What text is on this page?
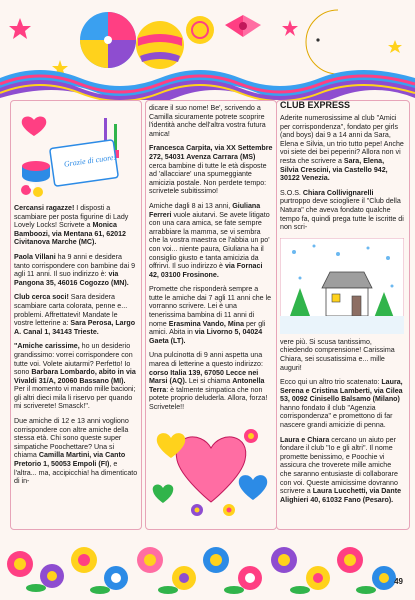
Grazie di cuore!

Cercansi ragazze! I disposti a scambiare per posta figurine di Lady Lovely Locks! Scrivete a Monica Bamboozi, via Mentana 61, 62012 Civitanova Marche (MC).

Paola Villani ha 9 anni e desidera tanto corrispondere con bambine dai 9 agli 11 anni. Il suo indirizzo è: via Pangona 35, 46016 Cogozzo (MN).

Club cerca soci! Sara desidera scambiare carta colorata, penne e... problemi. Affrettatevi! Mandate le vostre letterine a: Sara Perosa, Largo A. Canal 1, 34143 Trieste.

"Amiche carissime, ho un desiderio grandissimo: vorrei corrispondere con tutte voi. Volete aiutarmi? Perfetto! Io sono Barbara Lombardo, abito in via Vivaldi 31/A, 20060 Bassano (MI). Per il momento vi mando mille bacioni; gli altri dieci mila li riservo per quando mi scriverete! Smasck!".

Due amiche di 12 e 13 anni vogliono corrispondere con altre amiche della stessa età. Chi sono queste super simpatiche Poochettare? Una si chiama Camilla Martini, via Canto Pretorio 1, 50053 Empoli (FI), e l'altra... ma, accipicchia! ha dimenticato di in-

dicare il suo nome! Be', scrivendo a Camilla sicuramente potrete scoprire l'identità anche dell'altra vostra futura amica!

Francesca Carpita, via XX Settembre 272, 54031 Avenza Carrara (MS) cerca bambine di tutte le età disposte ad 'allacciare' una spumeggiante amicizia postale. Non perdete tempo: scrivetele subitissimo!

Amiche dagli 8 ai 13 anni, Giuliana Ferreri vuole aiutarvi. Se avete litigato con una cara amica, se fate sempre arrabbiare la mamma, se vi sembra che la vostra maestra ce l'abbia un po' con voi... niente paura, Giuliana ha il consiglio giusto e tanta amicizia da offrirvi. Il suo indirizzo è via Fornaci 42, 03100 Frosinone.

Promette che risponderà sempre a tutte le amiche dai 7 agli 11 anni che le vorranno scrivere. Lei è una tenerissima bambina di 11 anni di nome Erasmina Vando, Mina per gli amici. Abita in via Livorno 5, 04024 Gaeta (LT).

Una pulcinotta di 9 anni aspetta una marea di letterine a questo indirizzo: corso Italia 139, 67050 Lecce nei Marsi (AQ). Lei si chiama Antonella Terra: è talmente simpatica che non potete proprio deluderla. Allora, forza! Scrivetele!!

CLUB EXPRESS

Aderite numerosissime al club "Amici per corrispondenza", fondato per girls (and boys) dai 9 a 14 anni da Sara, Elena e Silvia, un trio tutto pepe! Anche voi siete dei bei peperini? Allora non vi resta che scrivere a Sara, Elena, Silvia Crescini, via Castello 942, 30122 Venezia.

S.O.S. Chiara Collivignarelli purtroppo deve sciogliere il "Club della Natura" che aveva fondato qualche tempo fa, quindi prega tutte le iscritte di non scri-

vere più. Si scusa tantissimo, chiedendo comprensione! Carissima Chiara, sei scusatissima e... mille auguri!

Ecco qui un altro trio scatenato: Laura, Serena e Cristina Lamberti, via Cilea 53, 0092 Cinisello Balsamo (Milano) hanno fondato il club "Agenzia corrispondenza" e promettono di far nascere grandi amicizie di penna.

Laura e Chiara cercano un aiuto per fondare il club "Io e gli altri". Il nome promette benissimo, e Poochie vi assicura che troverete mille amiche che saranno entusiaste di collaborare con voi. Queste amicissime dovranno scrivere a Laura Lucchetti, via Dante Alighieri 40, 61032 Fano (Pesaro).

49
